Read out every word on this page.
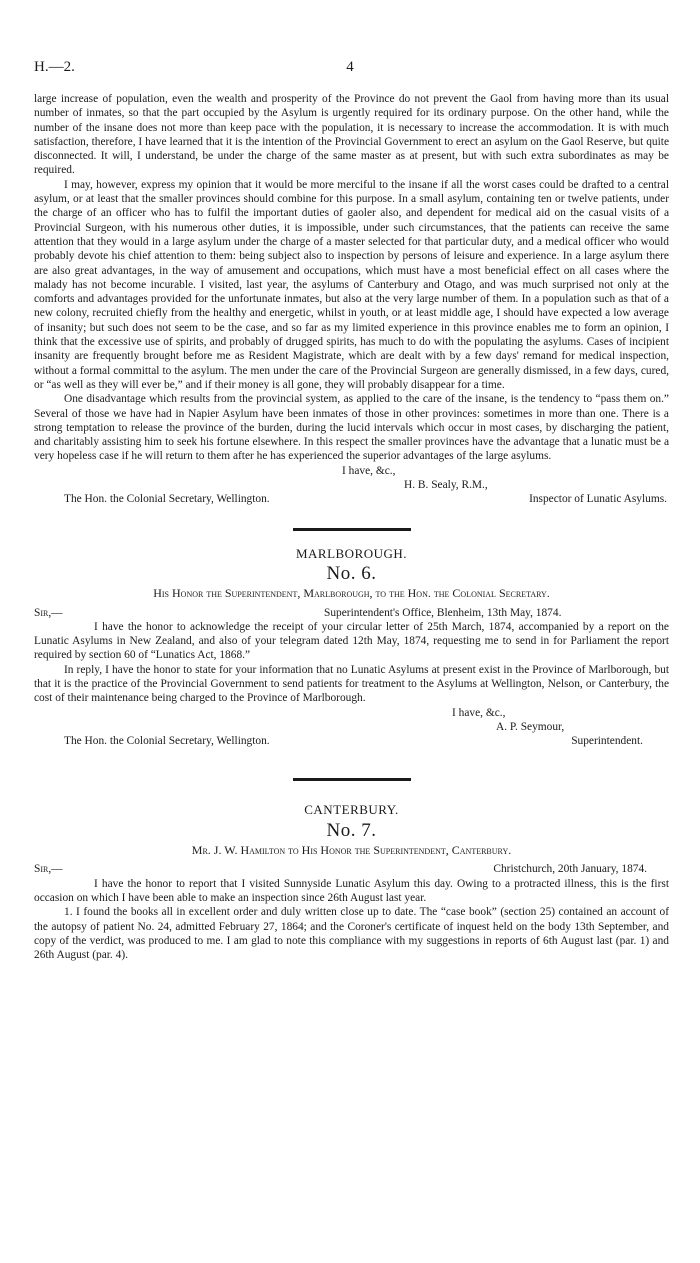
H.—2.	4

large increase of population, even the wealth and prosperity of the Province do not prevent the Gaol from having more than its usual number of inmates, so that the part occupied by the Asylum is urgently required for its ordinary purpose. On the other hand, while the number of the insane does not more than keep pace with the population, it is necessary to increase the accommodation. It is with much satisfaction, therefore, I have learned that it is the intention of the Provincial Government to erect an asylum on the Gaol Reserve, but quite disconnected. It will, I understand, be under the charge of the same master as at present, but with such extra subordinates as may be required.

I may, however, express my opinion that it would be more merciful to the insane if all the worst cases could be drafted to a central asylum, or at least that the smaller provinces should combine for this purpose. In a small asylum, containing ten or twelve patients, under the charge of an officer who has to fulfil the important duties of gaoler also, and dependent for medical aid on the casual visits of a Provincial Surgeon, with his numerous other duties, it is impossible, under such circumstances, that the patients can receive the same attention that they would in a large asylum under the charge of a master selected for that particular duty, and a medical officer who would probably devote his chief attention to them: being subject also to inspection by persons of leisure and experience. In a large asylum there are also great advantages, in the way of amusement and occupations, which must have a most beneficial effect on all cases where the malady has not become incurable. I visited, last year, the asylums of Canterbury and Otago, and was much surprised not only at the comforts and advantages provided for the unfortunate inmates, but also at the very large number of them. In a population such as that of a new colony, recruited chiefly from the healthy and energetic, whilst in youth, or at least middle age, I should have expected a low average of insanity; but such does not seem to be the case, and so far as my limited experience in this province enables me to form an opinion, I think that the excessive use of spirits, and probably of drugged spirits, has much to do with the populating the asylums. Cases of incipient insanity are frequently brought before me as Resident Magistrate, which are dealt with by a few days' remand for medical inspection, without a formal committal to the asylum. The men under the care of the Provincial Surgeon are generally dismissed, in a few days, cured, or “as well as they will ever be,” and if their money is all gone, they will probably disappear for a time.

One disadvantage which results from the provincial system, as applied to the care of the insane, is the tendency to “pass them on.” Several of those we have had in Napier Asylum have been inmates of those in other provinces: sometimes in more than one. There is a strong temptation to release the province of the burden, during the lucid intervals which occur in most cases, by discharging the patient, and charitably assisting him to seek his fortune elsewhere. In this respect the smaller provinces have the advantage that a lunatic must be a very hopeless case if he will return to them after he has experienced the superior advantages of the large asylums.

I have, &c.,
H. B. Sealy, R.M.,
The Hon. the Colonial Secretary, Wellington.	Inspector of Lunatic Asylums.
MARLBOROUGH.
No. 6.
His Honor the Superintendent, Marlborough, to the Hon. the Colonial Secretary.
Sir,—	Superintendent's Office, Blenheim, 13th May, 1874.

I have the honor to acknowledge the receipt of your circular letter of 25th March, 1874, accompanied by a report on the Lunatic Asylums in New Zealand, and also of your telegram dated 12th May, 1874, requesting me to send in for Parliament the report required by section 60 of “Lunatics Act, 1868.”

In reply, I have the honor to state for your information that no Lunatic Asylums at present exist in the Province of Marlborough, but that it is the practice of the Provincial Government to send patients for treatment to the Asylums at Wellington, Nelson, or Canterbury, the cost of their maintenance being charged to the Province of Marlborough.

I have, &c.,
A. P. Seymour,
The Hon. the Colonial Secretary, Wellington.	Superintendent.
CANTERBURY.
No. 7.
Mr. J. W. Hamilton to His Honor the Superintendent, Canterbury.
Sir,—	Christchurch, 20th January, 1874.

I have the honor to report that I visited Sunnyside Lunatic Asylum this day. Owing to a protracted illness, this is the first occasion on which I have been able to make an inspection since 26th August last year.

1. I found the books all in excellent order and duly written close up to date. The “case book” (section 25) contained an account of the autopsy of patient No. 24, admitted February 27, 1864; and the Coroner's certificate of inquest held on the body 13th September, and copy of the verdict, was produced to me. I am glad to note this compliance with my suggestions in reports of 6th August last (par. 1) and 26th August (par. 4).
